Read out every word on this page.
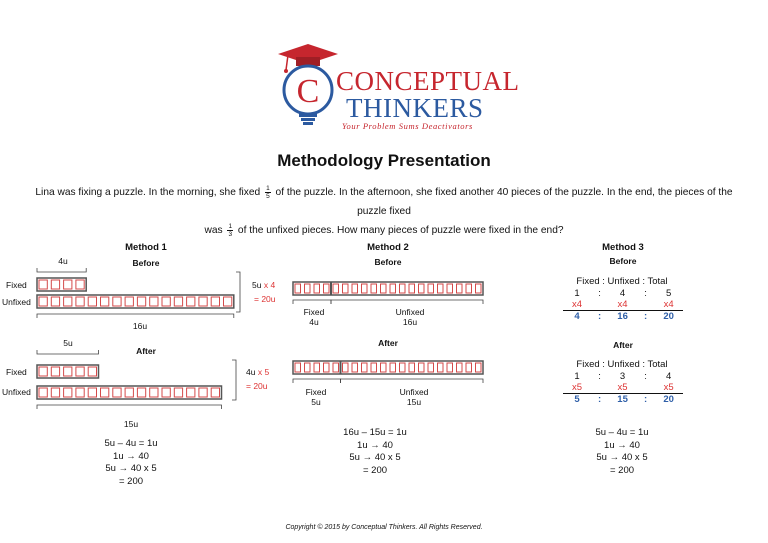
C CONCEPTUAL
THINKERS
Your Problem Sums Deactivators
Methodology Presentation
Lina was fixing a puzzle. In the morning, she fixed $\frac{1}{5}$ of the puzzle. In the afternoon, she fixed another 40 pieces of the puzzle. In the end, the pieces of the puzzle fixed
was $\frac{1}{3}$ of the unfixed pieces. How many pieces of puzzle were fixed in the end?
Method 1	Method 2	Method 3
Before
4u
Fixed
Unfixed
16u
5u x 4
= 20u
After
5u
Fixed
Unfixed
15u
4u x 5
= 20u
5u – 4u = 1u
1u → 40
5u → 40 x 5
= 200
Before
Fixed
4u
Unfixed
16u
After
Fixed
5u
Unfixed
15u
16u – 15u = 1u
1u → 40
5u → 40 x 5
= 200
Before
Fixed : Unfixed : Total
1	:	4	:	5
x4		x4		x4
4	:	16	:	20
After
Fixed : Unfixed : Total
1	:	3	:	4
x5		x5		x5
5	:	15	:	20
5u – 4u = 1u
1u → 40
5u → 40 x 5
= 200
Copyright © 2015 by Conceptual Thinkers. All Rights Reserved.
